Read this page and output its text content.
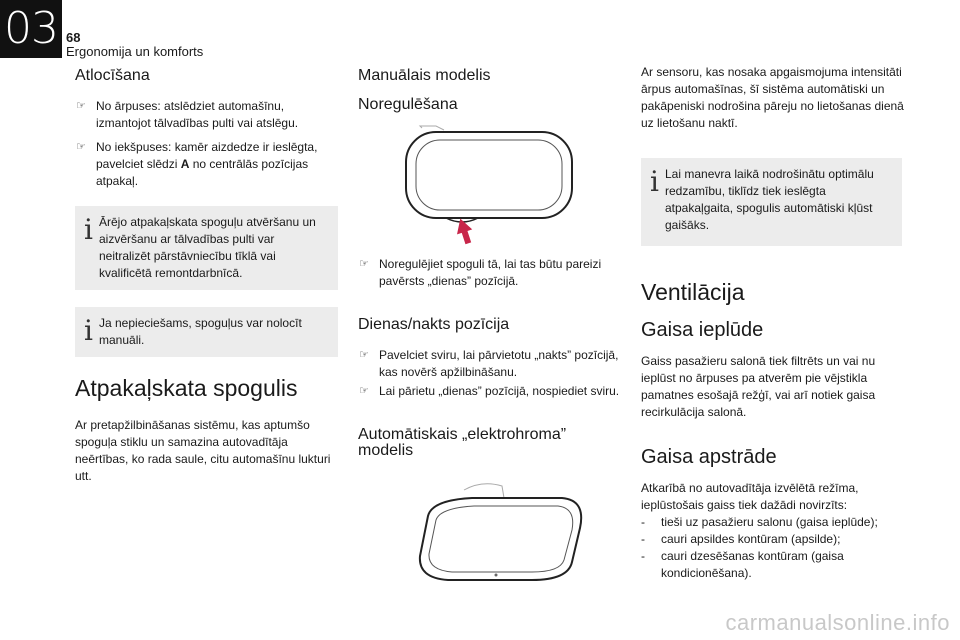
03 68
Ergonomija un komforts
Atlocīšana
☞ No ārpuses: atslēdziet automašīnu, izmantojot tālvadības pulti vai atslēgu.
☞ No iekšpuses: kamēr aizdedze ir ieslēgta, pavelciet slēdzi A no centrālās pozīcijas atpakaļ.
i Ārējo atpakaļskata spoguļu atvēršanu un aizvēršanu ar tālvadības pulti var neitralizēt pārstāvniecību tīklā vai kvalificētā remontdarbnīcā.
i Ja nepieciešams, spoguļus var nolocīt manuāli.
Atpakaļskata spogulis

Ar pretapžilbināšanas sistēmu, kas aptumšo spoguļa stiklu un samazina autovadītāja neērtības, ko rada saule, citu automašīnu lukturi utt.

Manuālais modelis
Noregulēšana
☞ Noregulējiet spoguli tā, lai tas būtu pareizi pavērsts „dienas” pozīcijā.
Dienas/nakts pozīcija
☞ Pavelciet sviru, lai pārvietotu „nakts” pozīcijā, kas novērš apžilbināšanu.
☞ Lai pārietu „dienas” pozīcijā, nospiediet sviru.
Automātiskais „elektrohroma” modelis

Ar sensoru, kas nosaka apgaismojuma intensitāti ārpus automašīnas, šī sistēma automātiski un pakāpeniski nodrošina pāreju no lietošanas dienā uz lietošanu naktī.

i Lai manevra laikā nodrošinātu optimālu redzamību, tiklīdz tiek ieslēgta atpakaļgaita, spogulis automātiski kļūst gaišāks.
Ventilācija
Gaisa ieplūde

Gaiss pasažieru salonā tiek filtrēts un vai nu ieplūst no ārpuses pa atverēm pie vējstikla pamatnes esošajā režģī, vai arī notiek gaisa recirkulācija salonā.

Gaisa apstrāde

Atkarībā no autovadītāja izvēlētā režīma, ieplūstošais gaiss tiek dažādi novirzīts:

- tieši uz pasažieru salonu (gaisa ieplūde);
- cauri apsildes kontūram (apsilde);
- cauri dzesēšanas kontūram (gaisa kondicionēšana).
carmanualsonline.info
